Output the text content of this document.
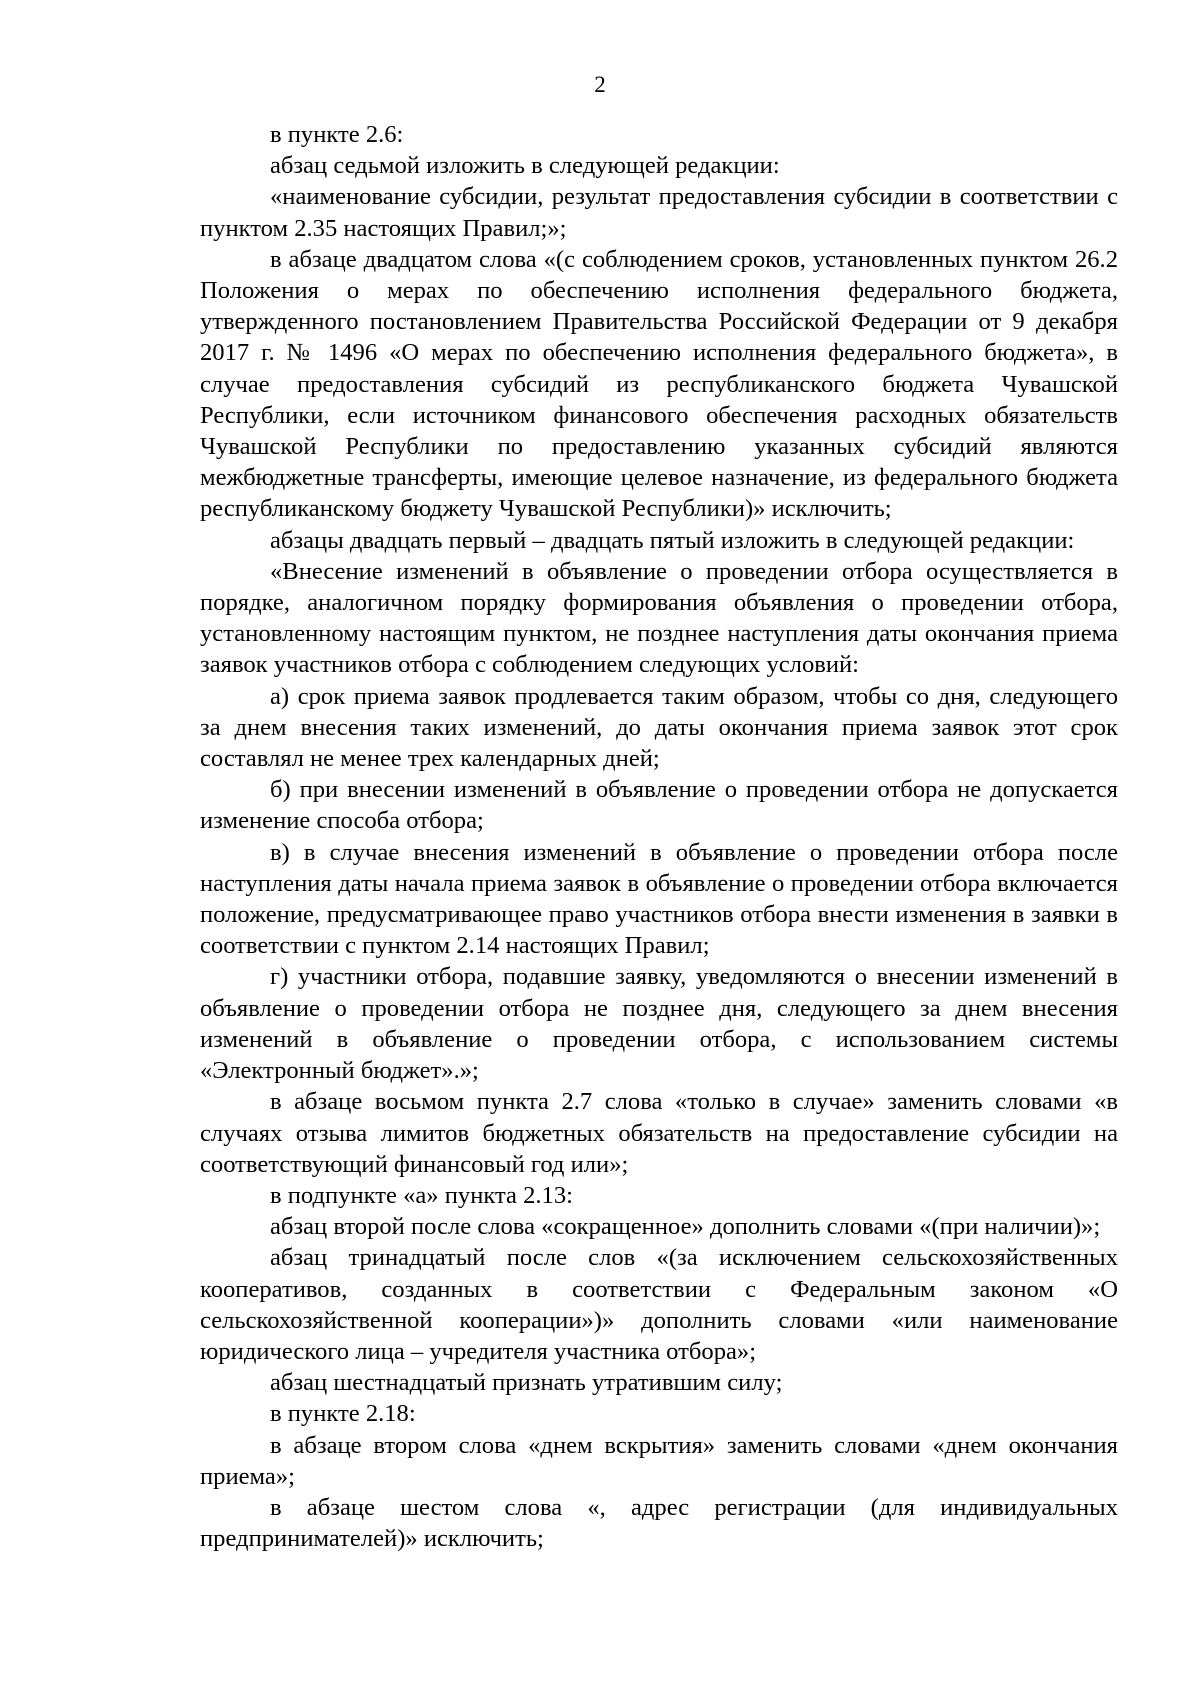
2

в пункте 2.6:

абзац седьмой изложить в следующей редакции:

«наименование субсидии, результат предоставления субсидии в соответствии с пунктом 2.35 настоящих Правил;»;

в абзаце двадцатом слова «(с соблюдением сроков, установленных пунктом 26.2 Положения о мерах по обеспечению исполнения федерального бюджета, утвержденного постановлением Правительства Российской Федерации от 9 декабря 2017 г. № 1496 «О мерах по обеспечению исполнения федерального бюджета», в случае предоставления субсидий из республиканского бюджета Чувашской Республики, если источником финансового обеспечения расходных обязательств Чувашской Республики по предоставлению указанных субсидий являются межбюджетные трансферты, имеющие целевое назначение, из федерального бюджета республиканскому бюджету Чувашской Республики)» исключить;

абзацы двадцать первый – двадцать пятый изложить в следующей редакции:

«Внесение изменений в объявление о проведении отбора осуществляется в порядке, аналогичном порядку формирования объявления о проведении отбора, установленному настоящим пунктом, не позднее наступления даты окончания приема заявок участников отбора с соблюдением следующих условий:

а) срок приема заявок продлевается таким образом, чтобы со дня, следующего за днем внесения таких изменений, до даты окончания приема заявок этот срок составлял не менее трех календарных дней;

б) при внесении изменений в объявление о проведении отбора не допускается изменение способа отбора;

в) в случае внесения изменений в объявление о проведении отбора после наступления даты начала приема заявок в объявление о проведении отбора включается положение, предусматривающее право участников отбора внести изменения в заявки в соответствии с пунктом 2.14 настоящих Правил;

г) участники отбора, подавшие заявку, уведомляются о внесении изменений в объявление о проведении отбора не позднее дня, следующего за днем внесения изменений в объявление о проведении отбора, с использованием системы «Электронный бюджет».»;

в абзаце восьмом пункта 2.7 слова «только в случае» заменить словами «в случаях отзыва лимитов бюджетных обязательств на предоставление субсидии на соответствующий финансовый год или»;

в подпункте «а» пункта 2.13:

абзац второй после слова «сокращенное» дополнить словами «(при наличии)»;

абзац тринадцатый после слов «(за исключением сельскохозяйственных кооперативов, созданных в соответствии с Федеральным законом «О сельскохозяйственной кооперации»)» дополнить словами «или наименование юридического лица – учредителя участника отбора»;

абзац шестнадцатый признать утратившим силу;

в пункте 2.18:

в абзаце втором слова «днем вскрытия» заменить словами «днем окончания приема»;

в абзаце шестом слова «, адрес регистрации (для индивидуальных предпринимателей)» исключить;
